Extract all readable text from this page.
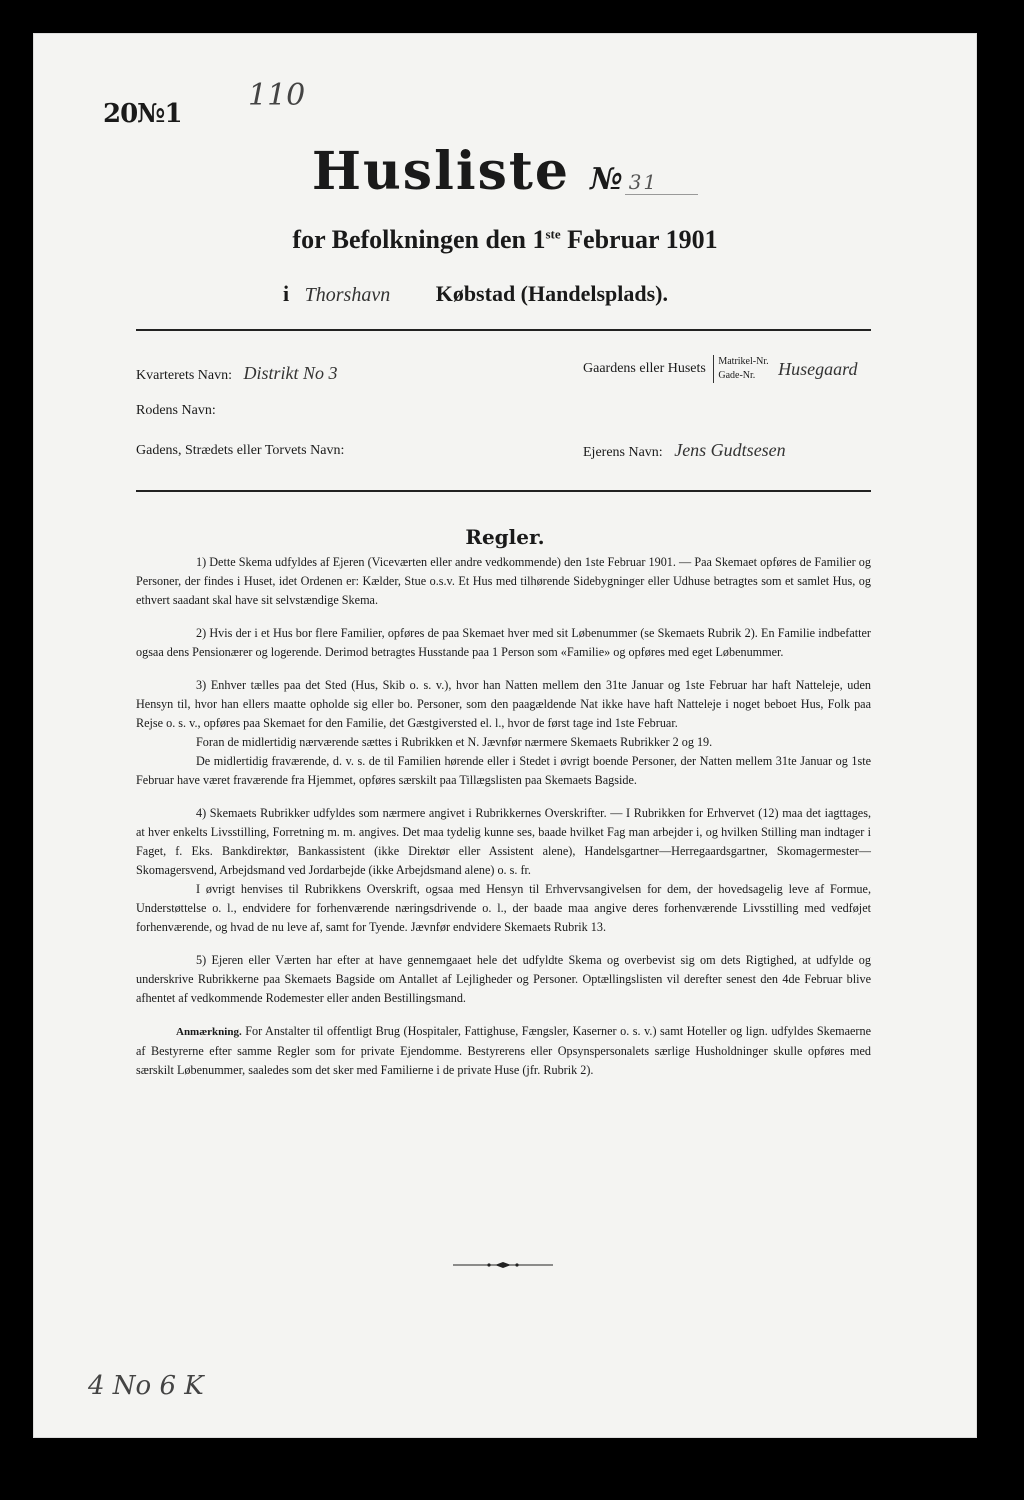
20№1
110
Husliste № 31
for Befolkningen den 1ste Februar 1901
i Thorshavn Købstad (Handelsplads).
Kvarterets Navn: Distrikt No 3	Gaardens eller Husets Matrikel-Nr.
Gade-Nr. Husegaard
Rodens Navn:
Gadens, Strædets eller Torvets Navn:	Ejerens Navn: Jens Gudtsesen
Regler.

1) Dette Skema udfyldes af Ejeren (Viceværten eller andre vedkommende) den 1ste Februar 1901. — Paa Skemaet opføres de Familier og Personer, der findes i Huset, idet Ordenen er: Kælder, Stue o.s.v. Et Hus med tilhørende Sidebygninger eller Udhuse betragtes som et samlet Hus, og ethvert saadant skal have sit selvstændige Skema.

2) Hvis der i et Hus bor flere Familier, opføres de paa Skemaet hver med sit Løbenummer (se Skemaets Rubrik 2). En Familie indbefatter ogsaa dens Pensionærer og logerende. Derimod betragtes Husstande paa 1 Person som «Familie» og opføres med eget Løbenummer.

3) Enhver tælles paa det Sted (Hus, Skib o. s. v.), hvor han Natten mellem den 31te Januar og 1ste Februar har haft Natteleje, uden Hensyn til, hvor han ellers maatte opholde sig eller bo. Personer, som den paagældende Nat ikke have haft Natteleje i noget beboet Hus, Folk paa Rejse o. s. v., opføres paa Skemaet for den Familie, det Gæstgiversted el. l., hvor de først tage ind 1ste Februar.

Foran de midlertidig nærværende sættes i Rubrikken et N. Jævnfør nærmere Skemaets Rubrikker 2 og 19.

De midlertidig fraværende, d. v. s. de til Familien hørende eller i Stedet i øvrigt boende Personer, der Natten mellem 31te Januar og 1ste Februar have været fraværende fra Hjemmet, opføres særskilt paa Tillægslisten paa Skemaets Bagside.

4) Skemaets Rubrikker udfyldes som nærmere angivet i Rubrikkernes Overskrifter. — I Rubrikken for Erhvervet (12) maa det iagttages, at hver enkelts Livsstilling, Forretning m. m. angives. Det maa tydelig kunne ses, baade hvilket Fag man arbejder i, og hvilken Stilling man indtager i Faget, f. Eks. Bankdirektør, Bankassistent (ikke Direktør eller Assistent alene), Handelsgartner—Herregaardsgartner, Skomagermester—Skomagersvend, Arbejdsmand ved Jordarbejde (ikke Arbejdsmand alene) o. s. fr.

I øvrigt henvises til Rubrikkens Overskrift, ogsaa med Hensyn til Erhvervsangivelsen for dem, der hovedsagelig leve af Formue, Understøttelse o. l., endvidere for forhenværende næringsdrivende o. l., der baade maa angive deres forhenværende Livsstilling med vedføjet forhenværende, og hvad de nu leve af, samt for Tyende. Jævnfør endvidere Skemaets Rubrik 13.

5) Ejeren eller Værten har efter at have gennemgaaet hele det udfyldte Skema og overbevist sig om dets Rigtighed, at udfylde og underskrive Rubrikkerne paa Skemaets Bagside om Antallet af Lejligheder og Personer. Optællingslisten vil derefter senest den 4de Februar blive afhentet af vedkommende Rodemester eller anden Bestillingsmand.

Anmærkning. For Anstalter til offentligt Brug (Hospitaler, Fattighuse, Fængsler, Kaserner o. s. v.) samt Hoteller og lign. udfyldes Skemaerne af Bestyrerne efter samme Regler som for private Ejendomme. Bestyrerens eller Opsynspersonalets særlige Husholdninger skulle opføres med særskilt Løbenummer, saaledes som det sker med Familierne i de private Huse (jfr. Rubrik 2).

4 No 6 K
